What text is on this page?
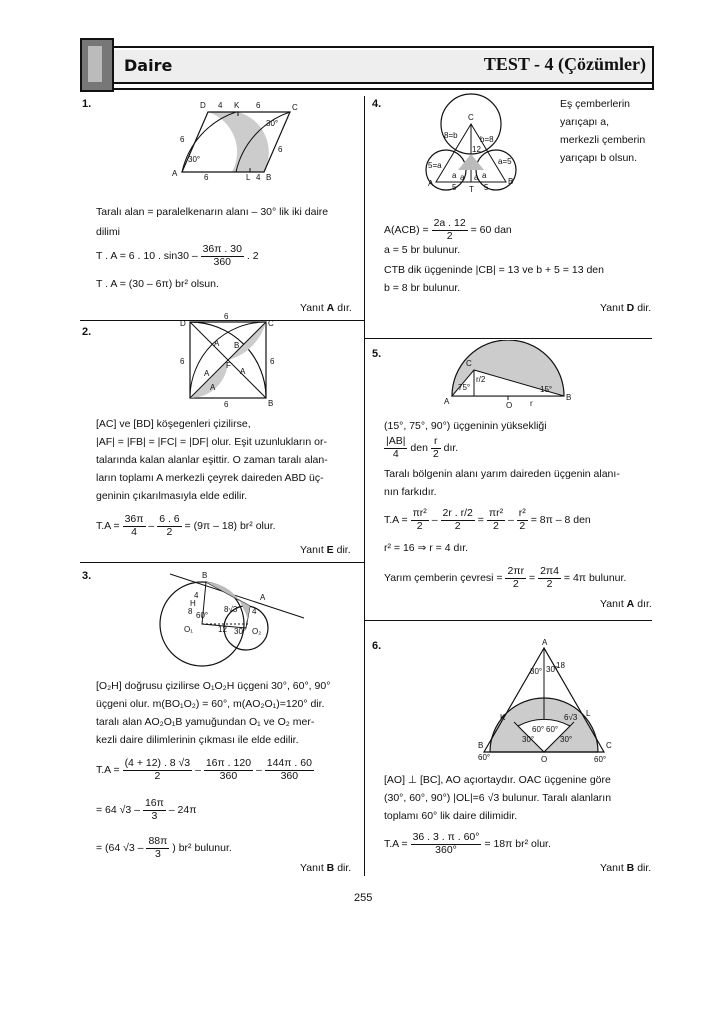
Daire	TEST - 4 (Çözümler)
1.	D 4 K 6	C
30°
6
6
30°
A	6	L 4 B
Taralı alan = paralelkenarın alanı – 30° lik iki daire
dilimi
T . A = 6 . 10 . $\sin 30 - \frac{36\pi . 30}{360}$ . 2
T . A = (30 – 6π) br² olsun.
Yanıt A dır.
2.
6
D	C
A B
6	F	6
A	A
A
6	B
[AC] ve [BD] köşegenleri çizilirse,
|AF| = |FB| = |FC| = |DF| olur. Eşit uzunlukların or-
talarında kalan alanlar eşittir. O zaman taralı alan-
ların toplamı A merkezli çeyrek daireden ABD üç-
geninin çıkarılmasıyla elde edilir.
$T.A = \frac{36\pi}{4} - \frac{6 . 6}{2} = (9\pi - 18)$ br² olur.
Yanıt E dir.
3.	B
A
H
4
8 60°
8√3 4
O₁	12 30° O₂
[O₂H] doğrusu çizilirse O₁O₂H üçgeni 30°, 60°, 90°
üçgeni olur. m(BO₁O₂) = 60°, m(AO₂O₁)=120° dir.
taralı alan AO₂O₁B yamuğundan O₁ ve O₂ mer-
kezli daire dilimlerinin çıkması ile elde edilir.
$T.A = \frac{(4 + 12) . 8 √3}{2} - \frac{16\pi . 120}{360} - \frac{144\pi . 60}{360}$
= 64 $√3 - \frac{16\pi}{3} - 24\pi$
= (64 $√3 - \frac{88\pi}{3}$ ) br² bulunur.
Yanıt B dir.
4.
C
8=b	b=8
12
5=a	a=5
a a a a
A 5 T 5
B
Eş çemberlerin
yarıçapı a,
merkezli çemberin
yarıçapı b olsun.
$A(ACB) = \frac{2a . 12}{2} = 60$ dan
a = 5 br bulunur.
CTB dik üçgeninde |CB| = 13 ve b + 5 = 13 den
b = 8 br bulunur.
Yanıt D dir.
5.
C
r/2
75°	15°
A	O r
B
(15°, 75°, 90°) üçgeninin yüksekliği
$\frac{|AB|}{4}$ den $\frac{r}{2}$ dır.
Taralı bölgenin alanı yarım daireden üçgenin alanı-
nın farkıdır.
$T.A = \frac{\text{πr²}}{2} - \frac{2r . r/2}{2} = \frac{\text{πr²}}{2} - \frac{\text{r²}}{2} = 8\pi - 8$ den
r² = 16 ⇒ r = 4 dır.
Yarım çemberin çevresi = $\frac{2\pi r}{2} = \frac{2\pi 4}{2} = 4\pi$ bulunur.
Yanıt A dır.
6.	A
30° 30°
18
K	6√3 L
60° 60°
30°	30°
B
O
C
60°	60°
[AO] ⊥ [BC], AO açıortaydır. OAC üçgenine göre
(30°, 60°, 90°) |OL|=6 √3 bulunur. Taralı alanların
toplamı 60° lik daire dilimidir.
$T.A = \frac{36 . 3 . \pi . 60^\circ}{360^\circ} = 18\pi$ br² olur.
Yanıt B dir.
255
